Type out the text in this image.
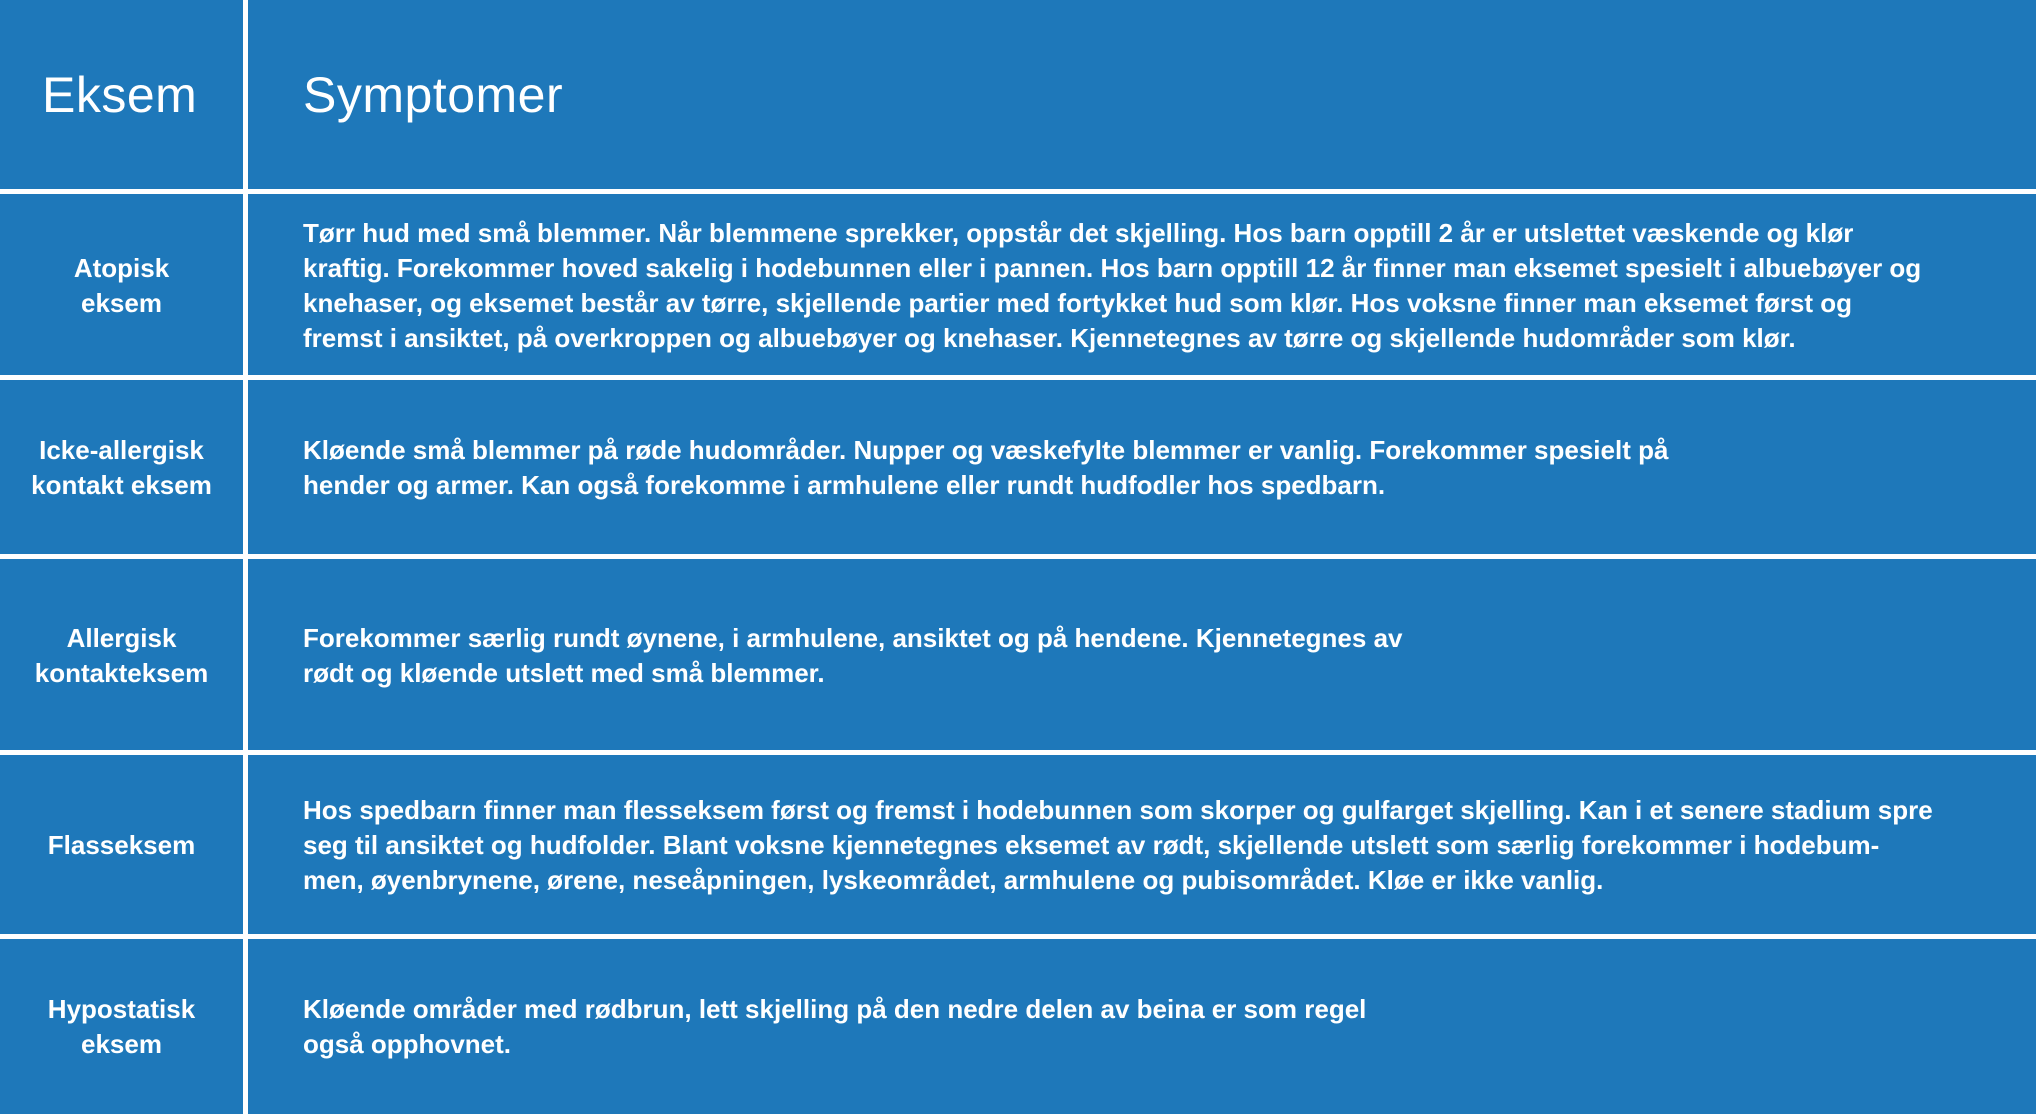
Eksem	Symptomer
Atopisk
eksem
Tørr hud med små blemmer. Når blemmene sprekker, oppstår det skjelling. Hos barn opptill 2 år er utslettet væskende og klør
kraftig. Forekommer hoved sakelig i hodebunnen eller i pannen. Hos barn opptill 12 år finner man eksemet spesielt i albuebøyer og
knehaser, og eksemet består av tørre, skjellende partier med fortykket hud som klør. Hos voksne finner man eksemet først og
fremst i ansiktet, på overkroppen og albuebøyer og knehaser. Kjennetegnes av tørre og skjellende hudområder som klør.
Icke-allergisk
kontakt eksem
Kløende små blemmer på røde hudområder. Nupper og væskefylte blemmer er vanlig. Forekommer spesielt på
hender og armer. Kan også forekomme i armhulene eller rundt hudfodler hos spedbarn.
Allergisk
kontakteksem
Forekommer særlig rundt øynene, i armhulene, ansiktet og på hendene. Kjennetegnes av
rødt og kløende utslett med små blemmer.
Flasseksem
Hos spedbarn finner man flesseksem først og fremst i hodebunnen som skorper og gulfarget skjelling. Kan i et senere stadium spre
seg til ansiktet og hudfolder. Blant voksne kjennetegnes eksemet av rødt, skjellende utslett som særlig forekommer i hodebum-
men, øyenbrynene, ørene, neseåpningen, lyskeområdet, armhulene og pubisområdet. Kløe er ikke vanlig.
Hypostatisk
eksem
Kløende områder med rødbrun, lett skjelling på den nedre delen av beina er som regel
også opphovnet.
